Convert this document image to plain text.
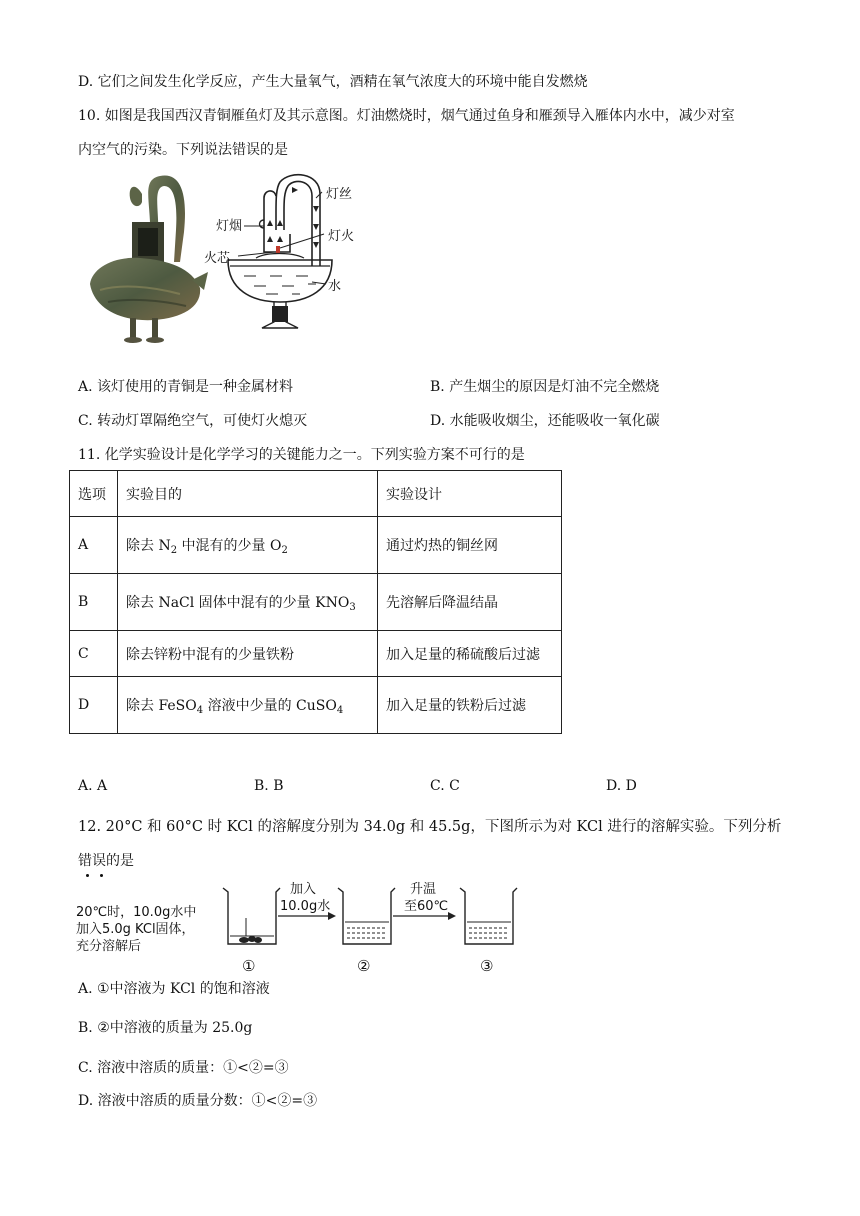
D. 它们之间发生化学反应，产生大量氧气，酒精在氧气浓度大的环境中能自发燃烧
10. 如图是我国西汉青铜雁鱼灯及其示意图。灯油燃烧时，烟气通过鱼身和雁颈导入雁体内水中，减少对室
内空气的污染。下列说法错误的是
灯丝
灯烟
灯火
火芯
水
A. 该灯使用的青铜是一种金属材料	B. 产生烟尘的原因是灯油不完全燃烧
C. 转动灯罩隔绝空气，可使灯火熄灭	D. 水能吸收烟尘，还能吸收一氧化碳
11. 化学实验设计是化学学习的关键能力之一。下列实验方案不可行的是
选项	实验目的	实验设计
A	除去 $N_2$ 中混有的少量 $O_2$	通过灼热的铜丝网
B	除去 NaCl 固体中混有的少量 $KNO_3$	先溶解后降温结晶
C	除去锌粉中混有的少量铁粉	加入足量的稀硫酸后过滤
D	除去 FeSO$_4$ 溶液中少量的 CuSO$_4$	加入足量的铁粉后过滤
A. A	B. B	C. C	D. D
12. 20°C 和 60°C 时 KCl 的溶解度分别为 34.0g 和 45.5g，下图所示为对 KCl 进行的溶解实验。下列分析
错误的是
20℃时，10.0g水中
加入5.0g KCl固体，
充分溶解后
①
加入
10.0g水
②
升温
至60℃
③
A. ①中溶液为 KCl 的饱和溶液
B. ②中溶液的质量为 25.0g
C. 溶液中溶质的质量：①<②=③
D. 溶液中溶质的质量分数：①<②=③
